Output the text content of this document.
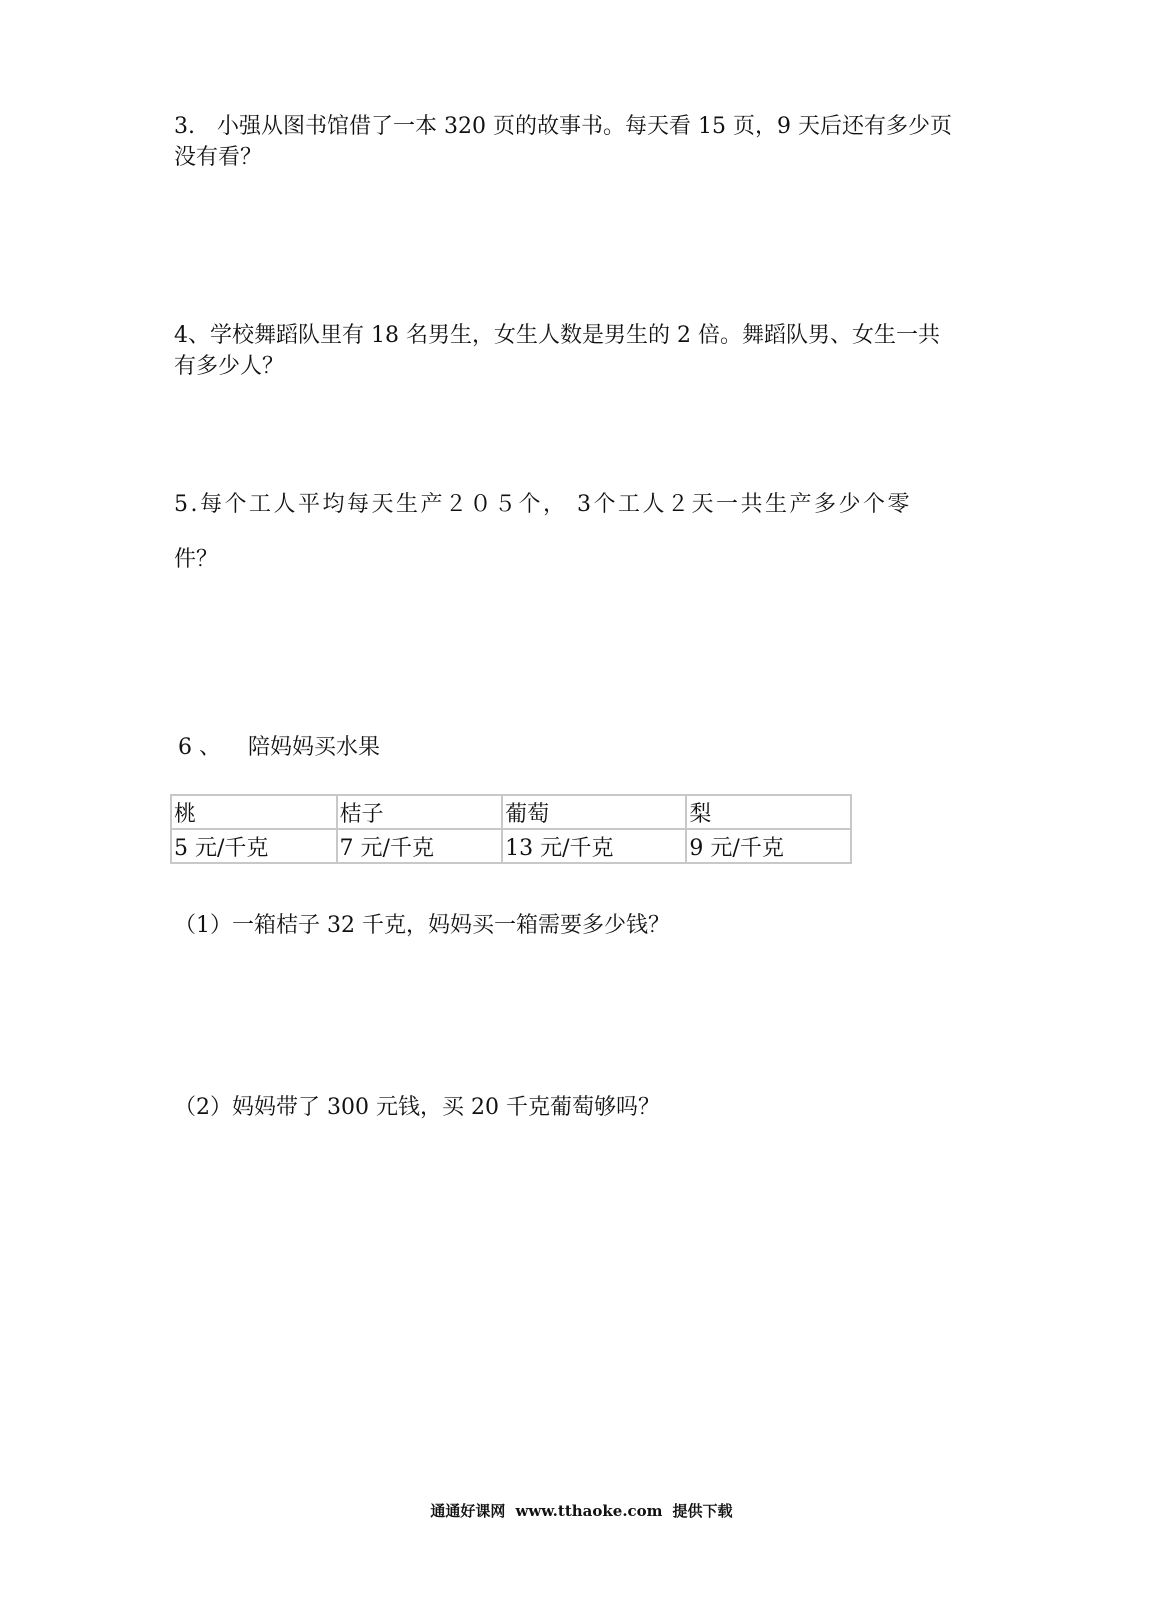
3.　小强从图书馆借了一本 320 页的故事书。每天看 15 页，9 天后还有多少页

没有看？

4、学校舞蹈队里有 18 名男生，女生人数是男生的 2 倍。舞蹈队男、女生一共

有多少人？

5.每个工人平均每天生产２０５个， 3个工人２天一共生产多少个零

件？

6 、 陪妈妈买水果
桃	桔子	葡萄	梨
5 元/千克	7 元/千克	13 元/千克	9 元/千克

（1）一箱桔子 32 千克，妈妈买一箱需要多少钱？

（2）妈妈带了 300 元钱，买 20 千克葡萄够吗？

通通好课网 www.tthaoke.com 提供下载
